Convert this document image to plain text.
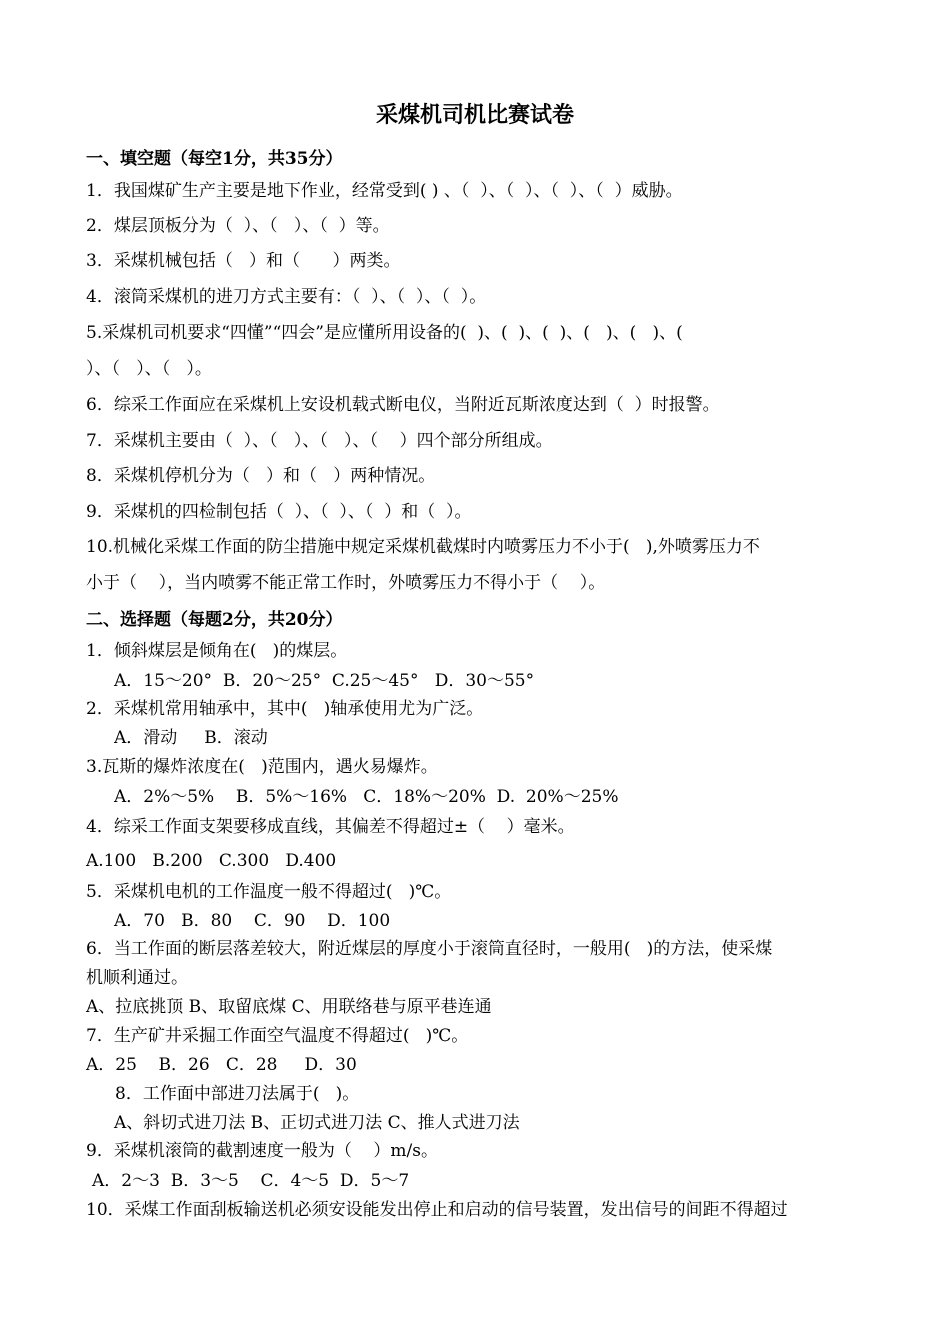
采煤机司机比赛试卷
一、填空题（每空1分，共35分）
1．我国煤矿生产主要是地下作业，经常受到( ) 、（  ）、（  ）、（  ）、（  ）威胁。
2．煤层顶板分为（  ）、（   ）、（  ）等。
3．采煤机械包括（   ）和（      ）两类。
4．滚筒采煤机的进刀方式主要有：（  ）、（  ）、（  ）。
5.采煤机司机要求“四懂”“四会”是应懂所用设备的(  )、(  )、(  )、(   )、(   )、(
）、（   ）、（   ）。
6．综采工作面应在采煤机上安设机载式断电仪，当附近瓦斯浓度达到（  ）时报警。
7．采煤机主要由（  ）、（   ）、（   ）、（    ）四个部分所组成。
8．采煤机停机分为（   ）和（   ）两种情况。
9．采煤机的四检制包括（  ）、（  ）、（  ）和（  ）。
10.机械化采煤工作面的防尘措施中规定采煤机截煤时内喷雾压力不小于(   ),外喷雾压力不
小于（    ），当内喷雾不能正常工作时，外喷雾压力不得小于（    ）。
二、选择题（每题2分，共20分）
1．倾斜煤层是倾角在(   )的煤层。
A．15～20°  B．20～25°  C.25～45°   D．30～55°
2．采煤机常用轴承中，其中(   )轴承使用尤为广泛。
A．滑动     B．滚动
3.瓦斯的爆炸浓度在(   )范围内，遇火易爆炸。
A．2%～5%    B．5%～16%   C．18%～20%  D.  20%～25%
4．综采工作面支架要移成直线，其偏差不得超过±（    ）毫米。
A.100   B.200   C.300   D.400
5．采煤机电机的工作温度一般不得超过(   )℃。
A．70   B．80    C．90    D．100
6．当工作面的断层落差较大，附近煤层的厚度小于滚筒直径时，一般用(   )的方法，使采煤
机顺利通过。
A、拉底挑顶 B、取留底煤 C、用联络巷与原平巷连通
7．生产矿井采掘工作面空气温度不得超过(   )℃。
A．25    B．26   C．28     D．30
8．工作面中部进刀法属于(   )。
A、斜切式进刀法 B、正切式进刀法 C、推人式进刀法
9．采煤机滚筒的截割速度一般为（    ）m/s。
A．2～3  B．3～5    C．4～5  D．5～7
10．采煤工作面刮板输送机必须安设能发出停止和启动的信号装置，发出信号的间距不得超过
